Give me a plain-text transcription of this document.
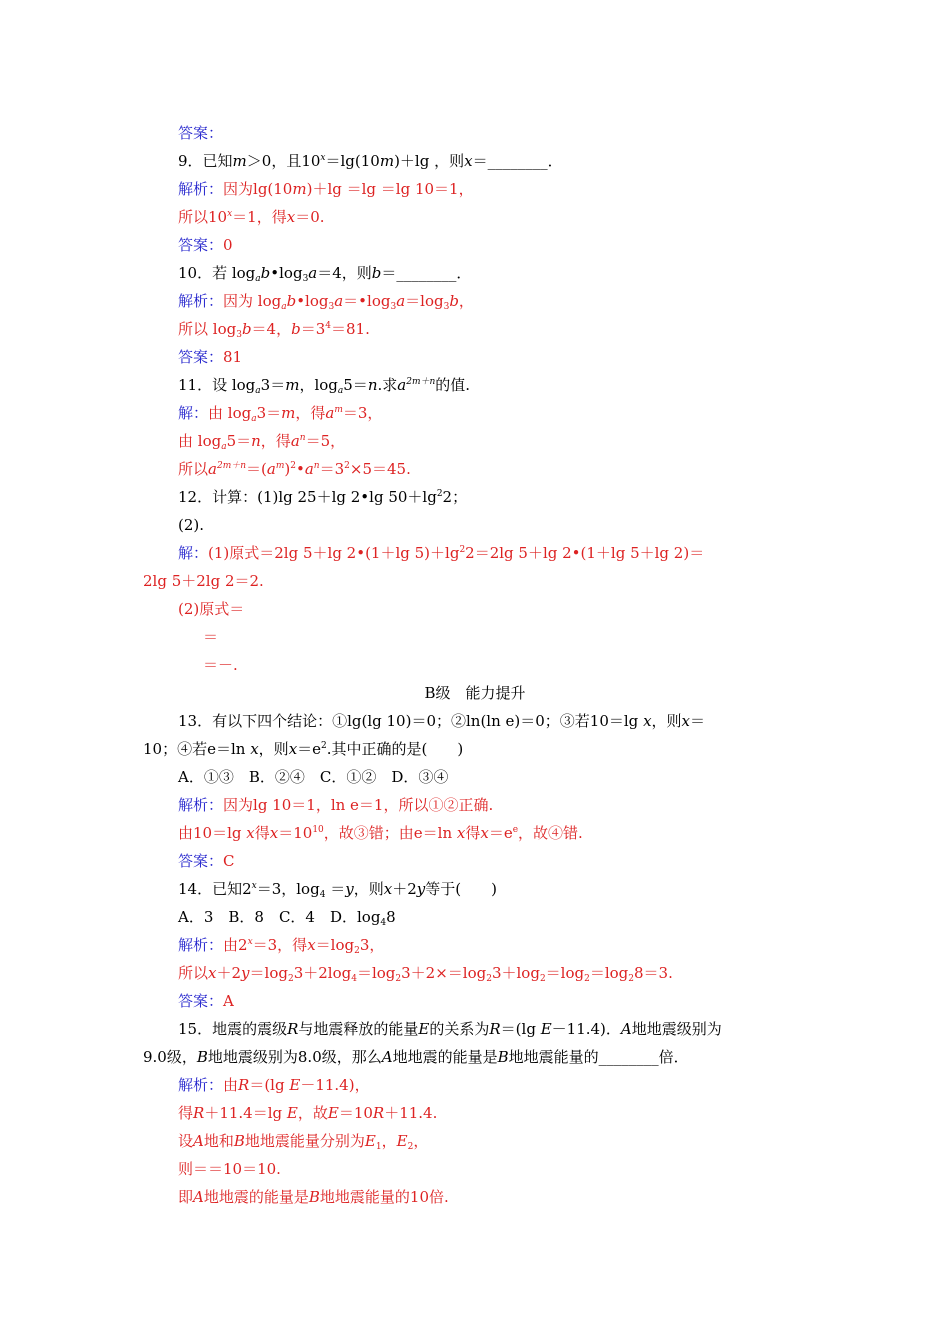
答案：
9．已知m＞0，且$10^x=\lg(10m)+\lg$ ，则x＝________．
解析：因为lg(10m)＋lg ＝lg ＝lg 10＝1，
所以$10^x=1$，得x＝0.
答案：0
10．若 $\log_ab•\log_3a=4$，则b＝________．
解析：因为 $\log_ab•\log_3a=•\log_3a=\log_3b$，
所以 $\log_3b=4$，$b=3^4=81$.
答案：81
11．设 $\log_a3=m$，$\log_a5=n$.求$a^{2m+n}$的值.
解：由 $\log_a3=m$，得$a^m=3$，
由 $\log_a5=n$，得$a^n=5$，
所以$a^{2m+n}=(a^m)^2•a^n=3^2\times 5=45$.
12．计算：(1)lg 25＋lg 2•lg $50+\lg^22$；
(2).
解：(1)原式＝2lg 5＋lg 2•(1＋lg $5)+\lg^22=2\lg$ 5＋lg 2•(1＋lg 5＋lg 2)＝
2lg 5＋2lg 2＝2.
(2)原式＝
＝
＝－.
B级　能力提升
13．有以下四个结论：①lg(lg 10)＝0；②ln(ln e)＝0；③若10＝lg x，则x＝
10；④若e＝ln x，则$x=e^2$.其中正确的是(　　)
A．①③　B．②④　C．①②　D．③④
解析：因为lg 10＝1，ln e＝1，所以①②正确.
由10＝lg x得$x=10^{10}$，故③错；由e＝ln x得$x=e^e$，故④错.
答案：C
14．已知$2^x=3$，$\log_4 =y$，则x＋2y等于(　　)
A．3　B．8　C．4　D．$\log_48$
解析：由$2^x=3$，得$x=\log_23$，
所以$x+2y=\log_23+2\log_4=\log_23+2\times=\log_23+\log_2=\log_2=\log_28=3$.
答案：A
15．地震的震级R与地震释放的能量E的关系为R＝(lg E－11.4)．A地地震级别为
9.0级，B地地震级别为8.0级，那么A地地震的能量是B地地震能量的________倍．
解析：由R＝(lg E－11.4)，
得R＋11.4＝lg E，故E＝10R＋11.4.
设A地和B地地震能量分别为$E_1$，$E_2$，
则＝＝10＝10.
即A地地震的能量是B地地震能量的10倍.
